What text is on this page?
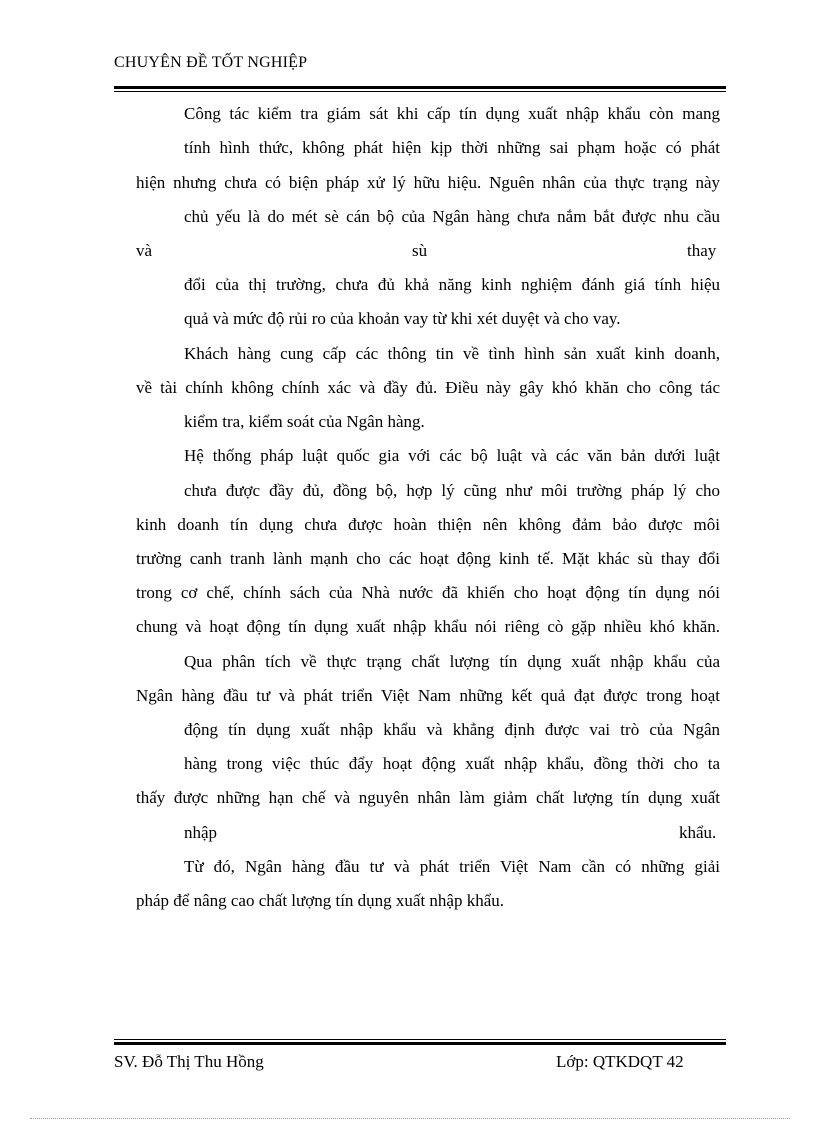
CHUYÊN ĐỀ TỐT NGHIỆP
Công tác kiểm tra giám sát khi cấp tín dụng xuất nhập khẩu còn mang
tính hình thức, không phát hiện kịp thời những sai phạm hoặc có phát
hiện nhưng chưa có biện pháp xử lý hữu hiệu. Nguên nhân của thực trạng này
chủ yếu là do mét sè cán bộ của Ngân hàng chưa nắm bắt được nhu cầu
và	sù	thay
đổi của thị trường, chưa đủ khả năng kinh nghiệm đánh giá tính hiệu
quả và mức độ rủi ro của khoản vay từ khi xét duyệt và cho vay.
Khách hàng cung cấp các thông tin về tình hình sản xuất kinh doanh,
về tài chính không chính xác và đầy đủ. Điều này gây khó khăn cho công tác
kiểm tra, kiểm soát của Ngân hàng.
Hệ thống pháp luật quốc gia với các bộ luật và các văn bản dưới luật
chưa được đầy đủ, đồng bộ, hợp lý cũng như môi trường pháp lý cho
kinh doanh tín dụng chưa được hoàn thiện nên không đảm bảo được môi
trường canh tranh lành mạnh cho các hoạt động kinh tế. Mặt khác sù thay đổi
trong cơ chế, chính sách của Nhà nước đã khiến cho hoạt động tín dụng nói
chung và hoạt động tín dụng xuất nhập khẩu nói riêng cò gặp nhiều khó khăn.
Qua phân tích về thực trạng chất lượng tín dụng xuất nhập khẩu của
Ngân hàng đầu tư và phát triển Việt Nam những kết quả đạt được trong hoạt
động tín dụng xuất nhập khẩu và khẳng định được vai trò của Ngân
hàng trong việc thúc đẩy hoạt động xuất nhập khẩu, đồng thời cho ta
thấy được những hạn chế và nguyên nhân làm giảm chất lượng tín dụng xuất
nhập	khẩu.
Từ đó, Ngân hàng đầu tư và phát triển Việt Nam cần có những giải
pháp để nâng cao chất lượng tín dụng xuất nhập khẩu.
SV. Đỗ Thị Thu Hồng	Lớp: QTKDQT 42
